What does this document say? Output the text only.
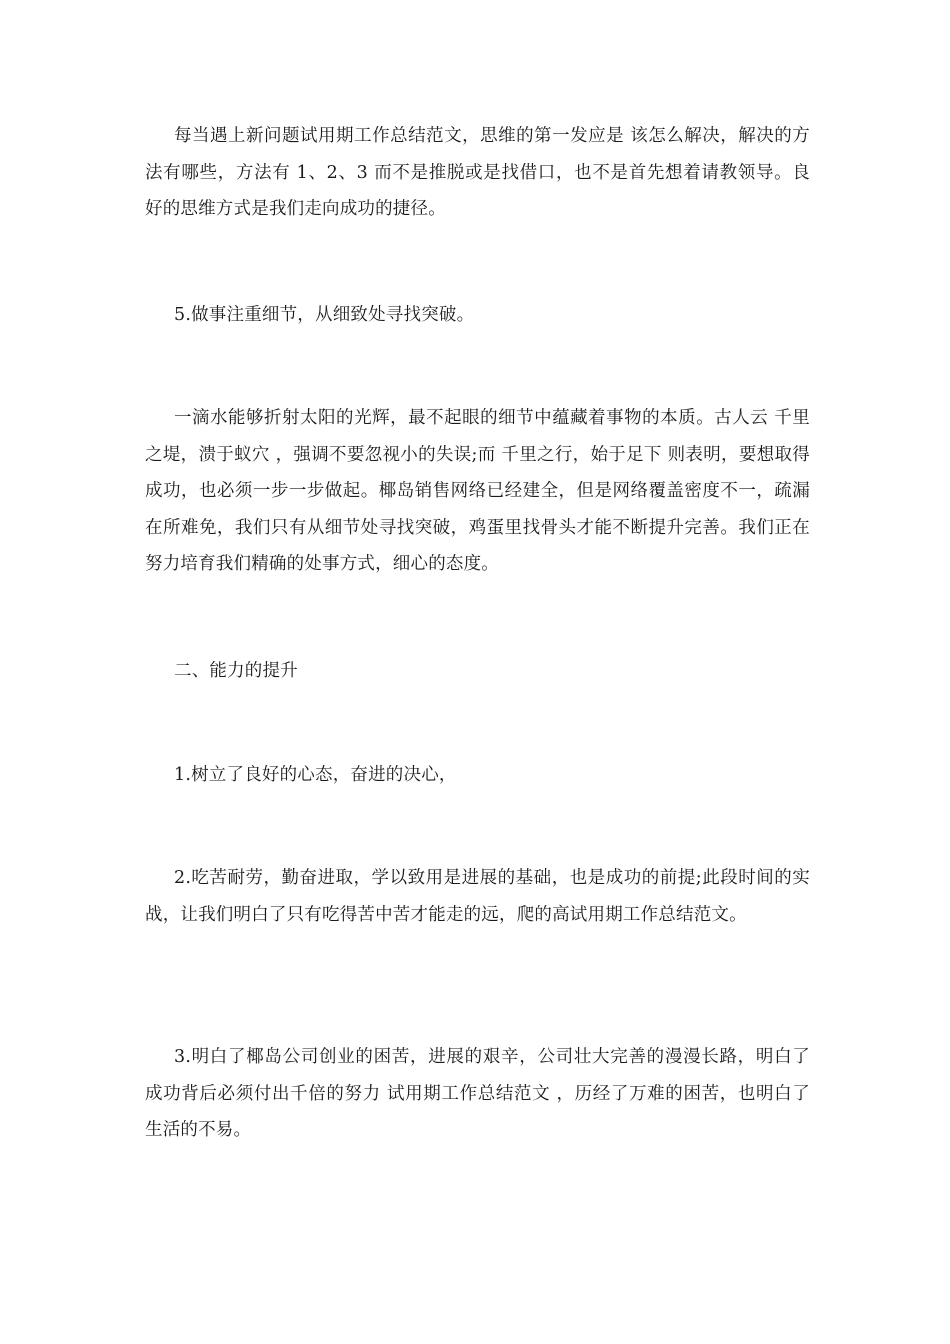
每当遇上新问题试用期工作总结范文，思维的第一发应是 该怎么解决，解决的方法有哪些，方法有 1、2、3 而不是推脱或是找借口，也不是首先想着请教领导。良好的思维方式是我们走向成功的捷径。

5.做事注重细节，从细致处寻找突破。

一滴水能够折射太阳的光辉，最不起眼的细节中蕴藏着事物的本质。古人云 千里之堤，溃于蚁穴 ，强调不要忽视小的失误;而 千里之行，始于足下 则表明，要想取得成功，也必须一步一步做起。椰岛销售网络已经建全，但是网络覆盖密度不一，疏漏在所难免，我们只有从细节处寻找突破，鸡蛋里找骨头才能不断提升完善。我们正在努力培育我们精确的处事方式，细心的态度。

二、能力的提升

1.树立了良好的心态，奋进的决心，

2.吃苦耐劳，勤奋进取，学以致用是进展的基础，也是成功的前提;此段时间的实战，让我们明白了只有吃得苦中苦才能走的远，爬的高试用期工作总结范文。

3.明白了椰岛公司创业的困苦，进展的艰辛，公司壮大完善的漫漫长路，明白了成功背后必须付出千倍的努力 试用期工作总结范文 ，历经了万难的困苦，也明白了生活的不易。
